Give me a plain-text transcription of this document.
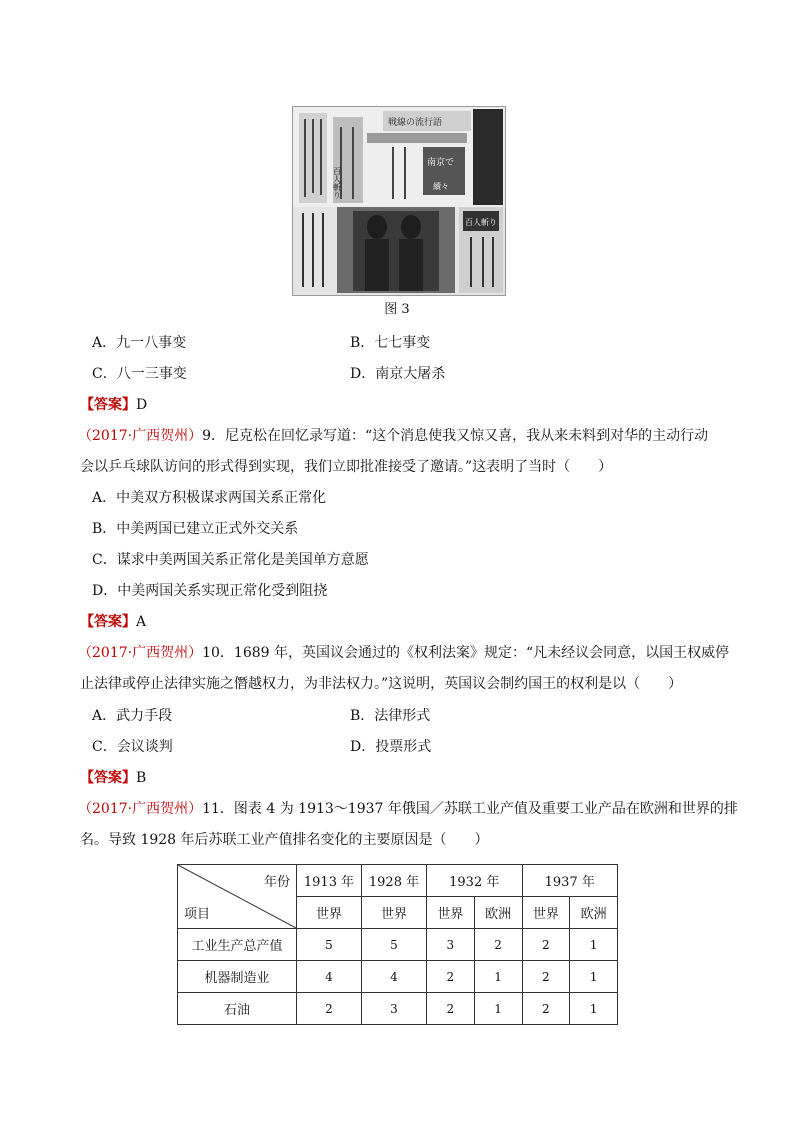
戦線の流行語
南京で
百人斬り
百人斬り
續々
图 3
A．九一八事变	B．七七事变
C．八一三事变	D．南京大屠杀
【答案】D
（2017·广西贺州）9．尼克松在回忆录写道：“这个消息使我又惊又喜，我从来未料到对华的主动行动
会以乒乓球队访问的形式得到实现，我们立即批准接受了邀请。”这表明了当时（　　）
A．中美双方积极谋求两国关系正常化
B．中美两国已建立正式外交关系
C．谋求中美两国关系正常化是美国单方意愿
D．中美两国关系实现正常化受到阻挠
【答案】A
（2017·广西贺州）10．1689 年，英国议会通过的《权利法案》规定：“凡未经议会同意，以国王权威停
止法律或停止法律实施之僭越权力，为非法权力。”这说明，英国议会制约国王的权利是以（　　）
A．武力手段	B．法律形式
C．会议谈判	D．投票形式
【答案】B
（2017·广西贺州）11．图表 4 为 1913～1937 年俄国／苏联工业产值及重要工业产品在欧洲和世界的排
名。导致 1928 年后苏联工业产值排名变化的主要原因是（　　）
年份
项目	1913 年	1928 年	1932 年		1937 年	
	世界	世界	世界	欧洲	世界	欧洲
工业生产总产值	5	5	3	2	2	1
机器制造业	4	4	2	1	2	1
石油	2	3	2	1	2	1
